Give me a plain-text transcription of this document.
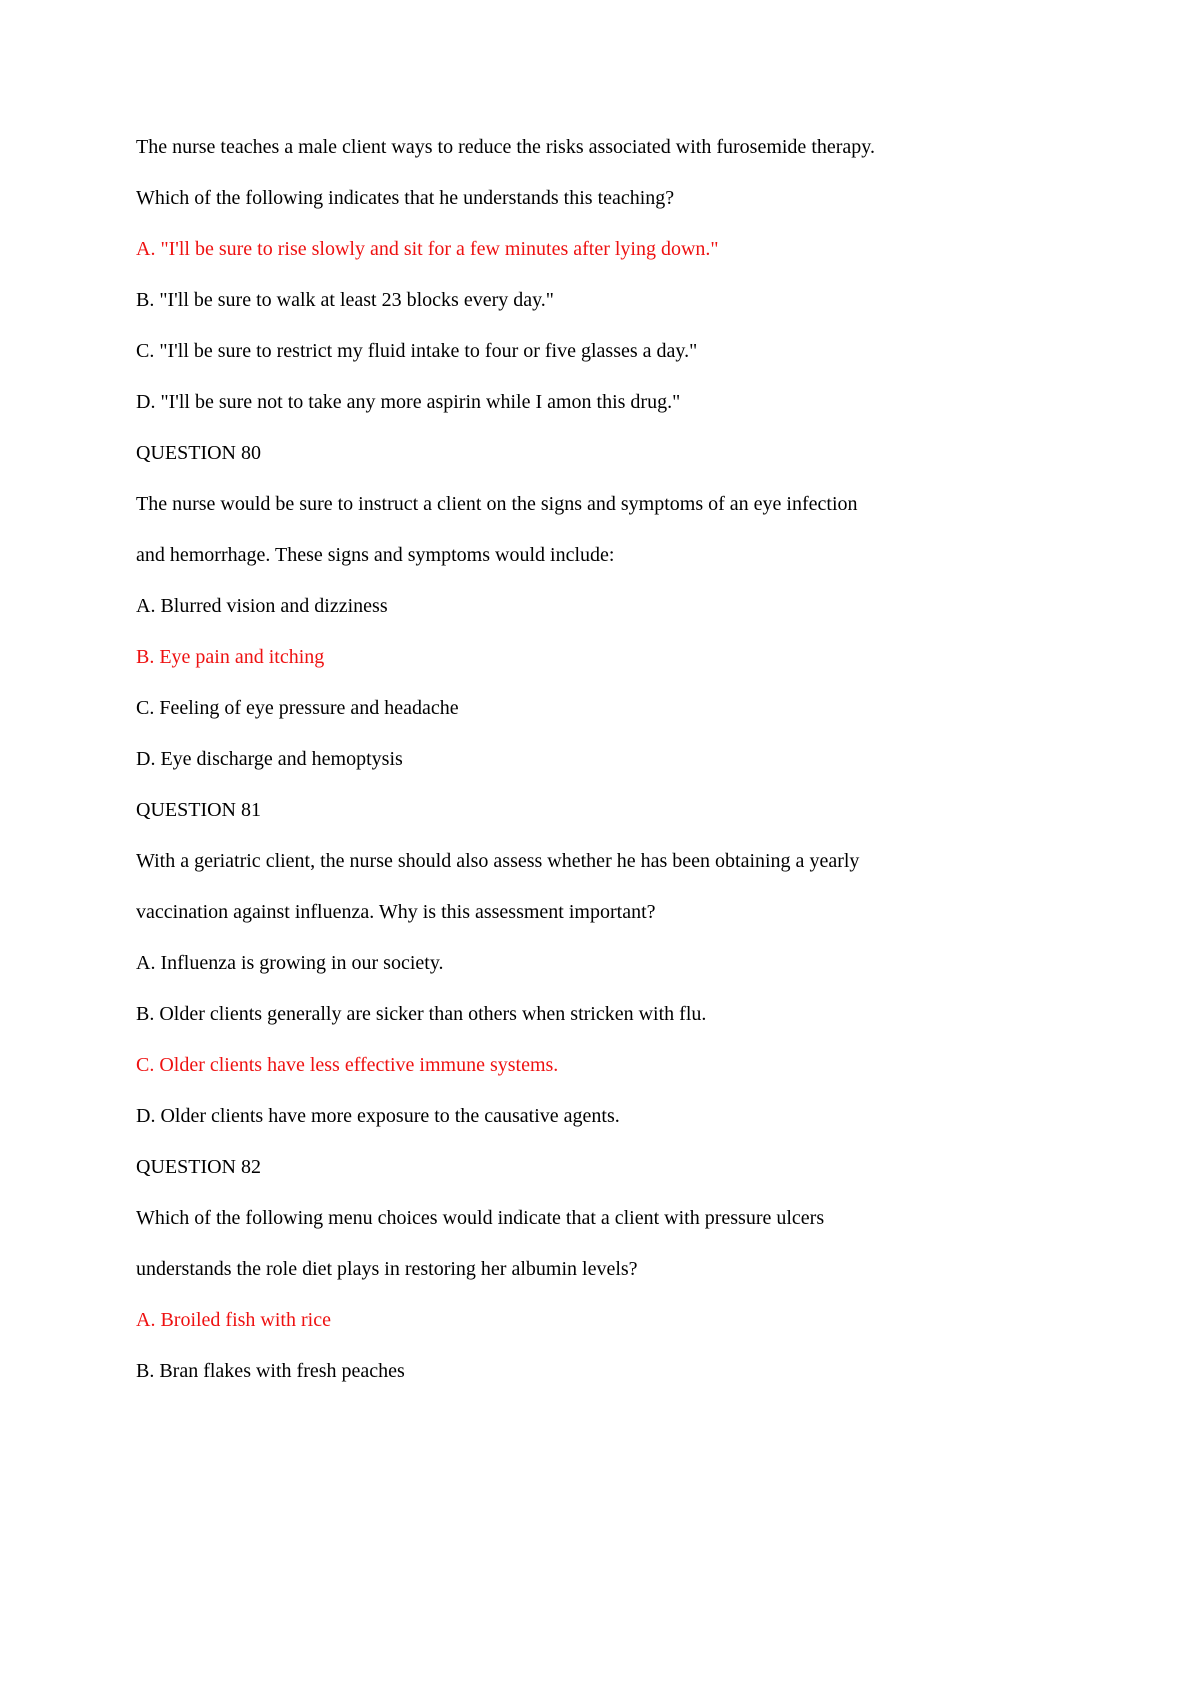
The nurse teaches a male client ways to reduce the risks associated with furosemide therapy.
Which of the following indicates that he understands this teaching?
A. "I'll be sure to rise slowly and sit for a few minutes after lying down."
B. "I'll be sure to walk at least 23 blocks every day."
C. "I'll be sure to restrict my fluid intake to four or five glasses a day."
D. "I'll be sure not to take any more aspirin while I amon this drug."
QUESTION 80
The nurse would be sure to instruct a client on the signs and symptoms of an eye infection
and hemorrhage. These signs and symptoms would include:
A. Blurred vision and dizziness
B. Eye pain and itching
C. Feeling of eye pressure and headache
D. Eye discharge and hemoptysis
QUESTION 81
With a geriatric client, the nurse should also assess whether he has been obtaining a yearly
vaccination against influenza. Why is this assessment important?
A. Influenza is growing in our society.
B. Older clients generally are sicker than others when stricken with flu.
C. Older clients have less effective immune systems.
D. Older clients have more exposure to the causative agents.
QUESTION 82
Which of the following menu choices would indicate that a client with pressure ulcers
understands the role diet plays in restoring her albumin levels?
A. Broiled fish with rice
B. Bran flakes with fresh peaches
